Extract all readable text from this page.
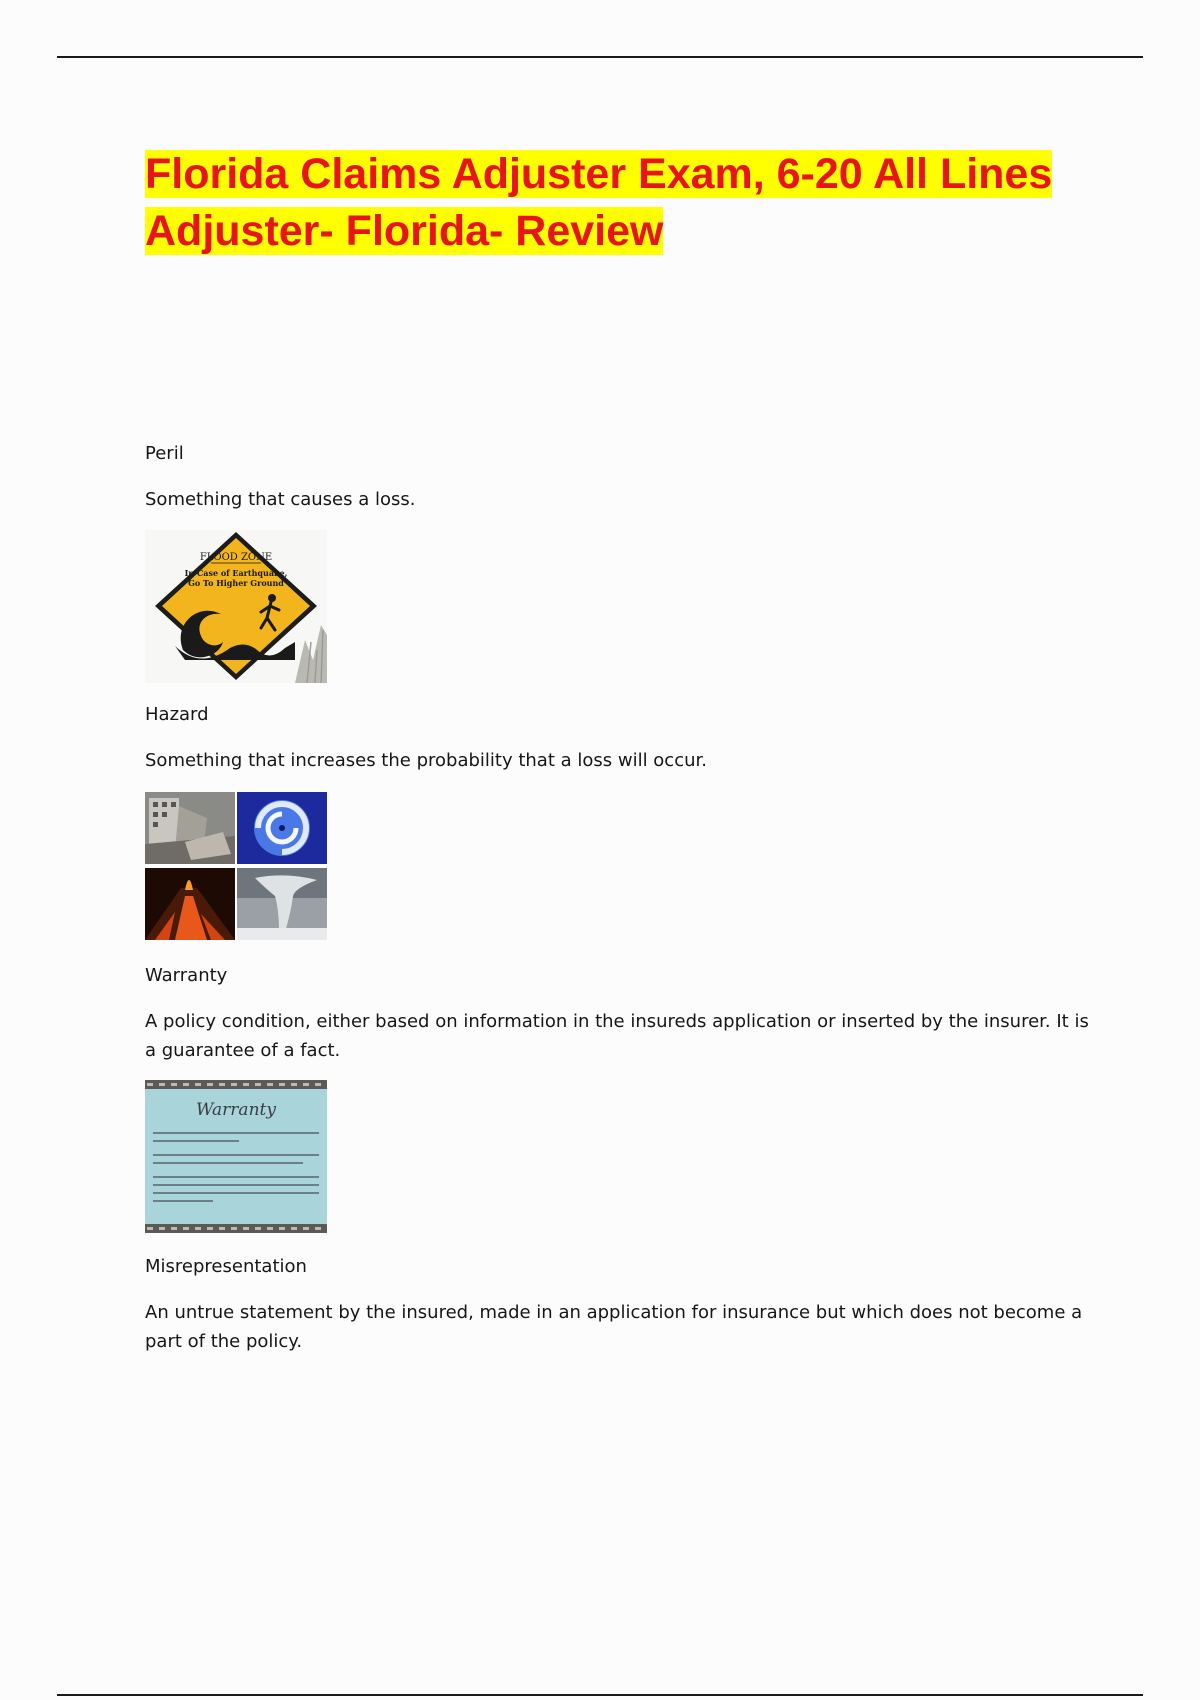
Florida Claims Adjuster Exam, 6-20 All Lines Adjuster- Florida- Review

Peril

Something that causes a loss.

FLOOD ZONE
In Case of Earthquake,
Go To Higher Ground

Hazard

Something that increases the probability that a loss will occur.

Warranty

A policy condition, either based on information in the insureds application or inserted by the insurer. It is a guarantee of a fact.

Warranty

Misrepresentation

An untrue statement by the insured, made in an application for insurance but which does not become a part of the policy.
